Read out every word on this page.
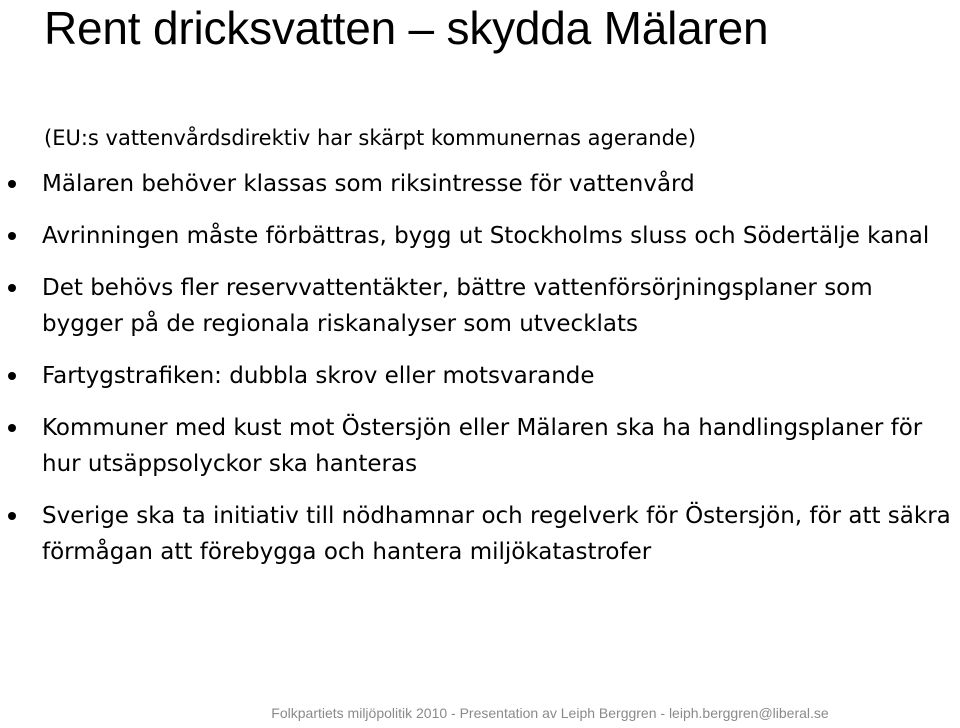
Rent dricksvatten – skydda Mälaren
(EU:s vattenvårdsdirektiv har skärpt kommunernas agerande)
Mälaren behöver klassas som riksintresse för vattenvård
Avrinningen måste förbättras, bygg ut Stockholms sluss och Södertälje kanal
Det behövs fler reservvattentäkter, bättre vattenförsörjningsplaner som bygger på de regionala riskanalyser som utvecklats
Fartygstrafiken: dubbla skrov eller motsvarande
Kommuner med kust mot Östersjön eller Mälaren ska ha handlingsplaner för hur utsäppsolyckor ska hanteras
Sverige ska ta initiativ till nödhamnar och regelverk för Östersjön, för att säkra förmågan att förebygga och hantera miljökatastrofer
Folkpartiets miljöpolitik 2010 - Presentation av Leiph Berggren - leiph.berggren@liberal.se
